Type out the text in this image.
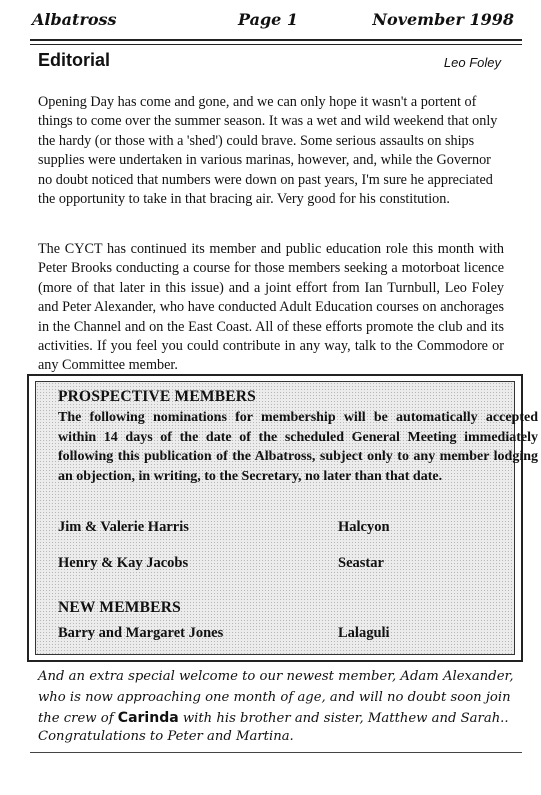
Albatross	Page 1	November 1998
Editorial	Leo Foley
Opening Day has come and gone, and we can only hope it wasn't a portent of things to come over the summer season. It was a wet and wild weekend that only the hardy (or those with a 'shed') could brave. Some serious assaults on ships supplies were undertaken in various marinas, however, and, while the Governor no doubt noticed that numbers were down on past years, I'm sure he appreciated the opportunity to take in that bracing air. Very good for his constitution.
The CYCT has continued its member and public education role this month with Peter Brooks conducting a course for those members seeking a motorboat licence (more of that later in this issue) and a joint effort from Ian Turnbull, Leo Foley and Peter Alexander, who have conducted Adult Education courses on anchorages in the Channel and on the East Coast. All of these efforts promote the club and its activities. If you feel you could contribute in any way, talk to the Commodore or any Committee member.
PROSPECTIVE MEMBERS
The following nominations for membership will be automatically accepted within 14 days of the date of the scheduled General Meeting immediately following this publication of the Albatross, subject only to any member lodging an objection, in writing, to the Secretary, no later than that date.
Jim & Valerie Harris	Halcyon
Henry & Kay Jacobs	Seastar
NEW MEMBERS
Barry and Margaret Jones	Lalaguli
And an extra special welcome to our newest member, Adam Alexander, who is now approaching one month of age, and will no doubt soon join the crew of Carinda with his brother and sister, Matthew and Sarah..
Congratulations to Peter and Martina.
